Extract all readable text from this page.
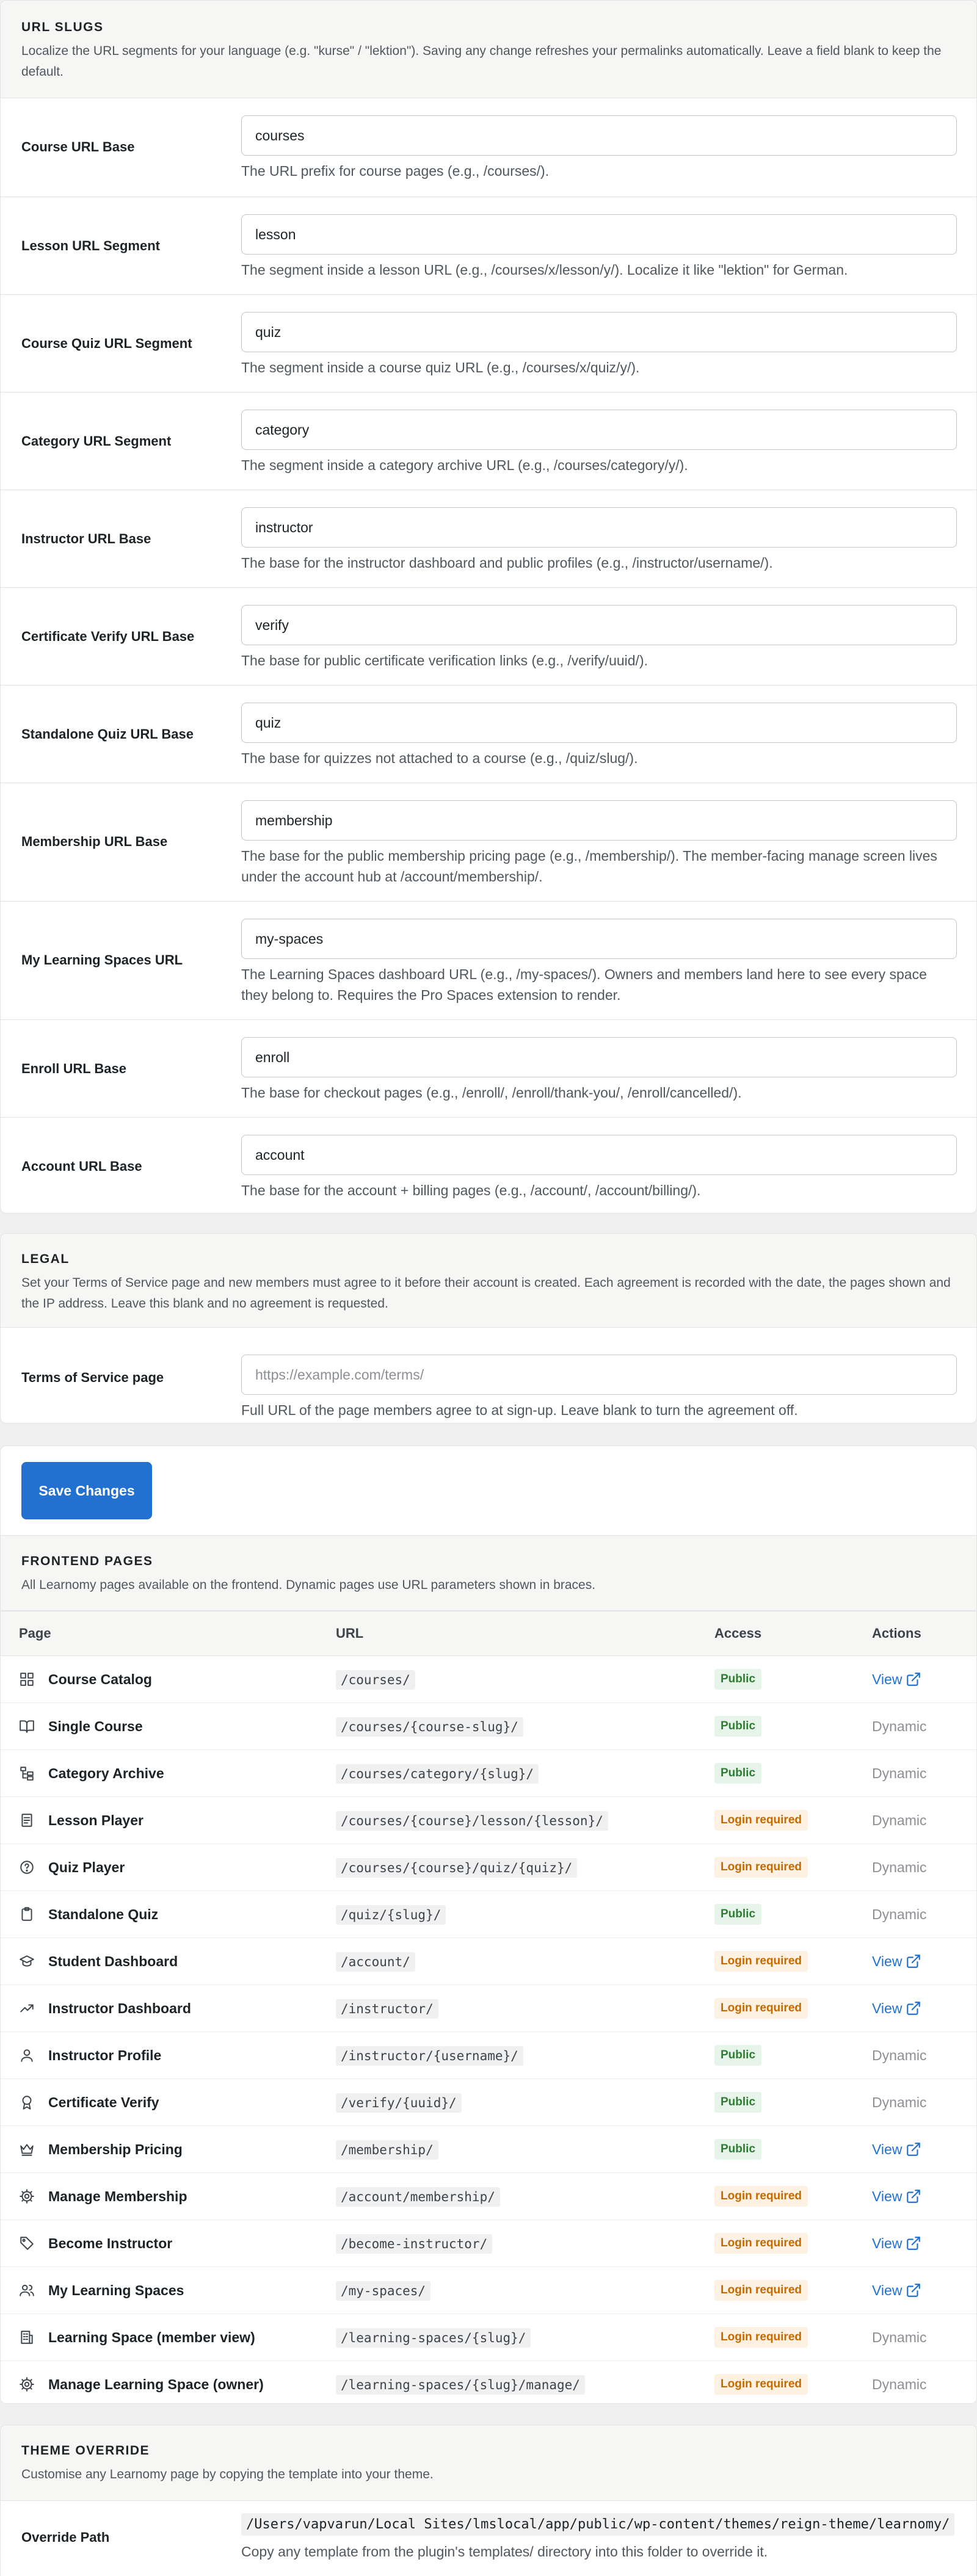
URL SLUGS
Localize the URL segments for your language (e.g. "kurse" / "lektion"). Saving any change refreshes your permalinks automatically. Leave a field blank to keep the default.
Course URL Base
courses
The URL prefix for course pages (e.g., /courses/).
Lesson URL Segment
lesson
The segment inside a lesson URL (e.g., /courses/x/lesson/y/). Localize it like "lektion" for German.
Course Quiz URL Segment
quiz
The segment inside a course quiz URL (e.g., /courses/x/quiz/y/).
Category URL Segment
category
The segment inside a category archive URL (e.g., /courses/category/y/).
Instructor URL Base
instructor
The base for the instructor dashboard and public profiles (e.g., /instructor/username/).
Certificate Verify URL Base
verify
The base for public certificate verification links (e.g., /verify/uuid/).
Standalone Quiz URL Base
quiz
The base for quizzes not attached to a course (e.g., /quiz/slug/).
Membership URL Base
membership
The base for the public membership pricing page (e.g., /membership/). The member-facing manage screen lives under the account hub at /account/membership/.
My Learning Spaces URL
my-spaces
The Learning Spaces dashboard URL (e.g., /my-spaces/). Owners and members land here to see every space they belong to. Requires the Pro Spaces extension to render.
Enroll URL Base
enroll
The base for checkout pages (e.g., /enroll/, /enroll/thank-you/, /enroll/cancelled/).
Account URL Base
account
The base for the account + billing pages (e.g., /account/, /account/billing/).
LEGAL
Set your Terms of Service page and new members must agree to it before their account is created. Each agreement is recorded with the date, the pages shown and the IP address. Leave this blank and no agreement is requested.
Terms of Service page
https://example.com/terms/
Full URL of the page members agree to at sign-up. Leave blank to turn the agreement off.
Save Changes
FRONTEND PAGES
All Learnomy pages available on the frontend. Dynamic pages use URL parameters shown in braces.
Page	URL	Access	Actions

Course Catalog	/courses/	Public	View

Single Course	/courses/{course-slug}/	Public	Dynamic

Category Archive	/courses/category/{slug}/	Public	Dynamic

Lesson Player	/courses/{course}/lesson/{lesson}/	Login required	Dynamic

Quiz Player	/courses/{course}/quiz/{quiz}/	Login required	Dynamic

Standalone Quiz	/quiz/{slug}/	Public	Dynamic

Student Dashboard	/account/	Login required	View

Instructor Dashboard	/instructor/	Login required	View

Instructor Profile	/instructor/{username}/	Public	Dynamic

Certificate Verify	/verify/{uuid}/	Public	Dynamic

Membership Pricing	/membership/	Public	View

Manage Membership	/account/membership/	Login required	View

Become Instructor	/become-instructor/	Login required	View

My Learning Spaces	/my-spaces/	Login required	View

Learning Space (member view)	/learning-spaces/{slug}/	Login required	Dynamic

Manage Learning Space (owner)	/learning-spaces/{slug}/manage/	Login required	Dynamic
THEME OVERRIDE
Customise any Learnomy page by copying the template into your theme.
Override Path
/Users/vapvarun/Local Sites/lmslocal/app/public/wp-content/themes/reign-theme/learnomy/
Copy any template from the plugin's templates/ directory into this folder to override it.
